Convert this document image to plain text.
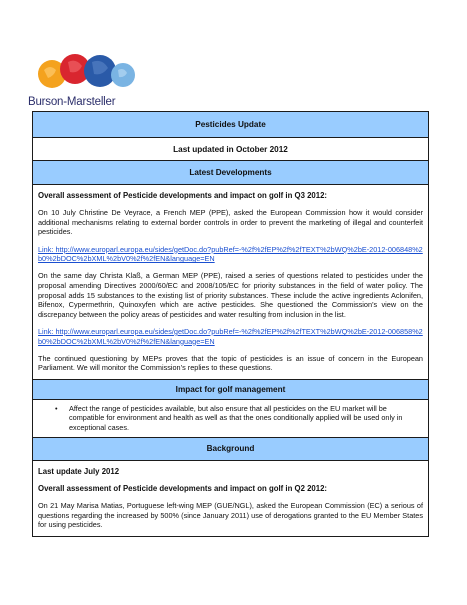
Burson-Marsteller
Pesticides Update
Last updated in October 2012
Latest Developments

Overall assessment of Pesticide developments and impact on golf in Q3 2012:

On 10 July Christine De Veyrace, a French MEP (PPE), asked the European Commission how it would consider additional mechanisms relating to external border controls in order to prevent the marketing of illegal and counterfeit pesticides.

Link: http://www.europarl.europa.eu/sides/getDoc.do?pubRef=-%2f%2fEP%2f%2fTEXT%2bWQ%2bE-2012-006848%2b0%2bDOC%2bXML%2bV0%2f%2fEN&language=EN

On the same day Christa Klaß, a German MEP (PPE), raised a series of questions related to pesticides under the proposal amending Directives 2000/60/EC and 2008/105/EC for priority substances in the field of water policy. The proposal adds 15 substances to the existing list of priority substances. These include the active ingredients Aclonifen, Bifenox, Cypermethrin, Quinoxyfen which are active pesticides. She questioned the Commission’s view on the discrepancy between the policy areas of pesticides and water resulting from inclusion in the list.

Link: http://www.europarl.europa.eu/sides/getDoc.do?pubRef=-%2f%2fEP%2f%2fTEXT%2bWQ%2bE-2012-006858%2b0%2bDOC%2bXML%2bV0%2f%2fEN&language=EN

The continued questioning by MEPs proves that the topic of pesticides is an issue of concern in the European Parliament. We will monitor the Commission’s replies to these questions.

Impact for golf management
• Affect the range of pesticides available, but also ensure that all pesticides on the EU market will be compatible for environment and health as well as that the ones conditionally applied will be used only in exceptional cases.
Background

Last update July 2012

Overall assessment of Pesticide developments and impact on golf in Q2 2012:

On 21 May Marisa Matias, Portuguese left-wing MEP (GUE/NGL), asked the European Commission (EC) a serious of questions regarding the increased by 500% (since January 2011) use of derogations granted to the EU Member States for using pesticides.
